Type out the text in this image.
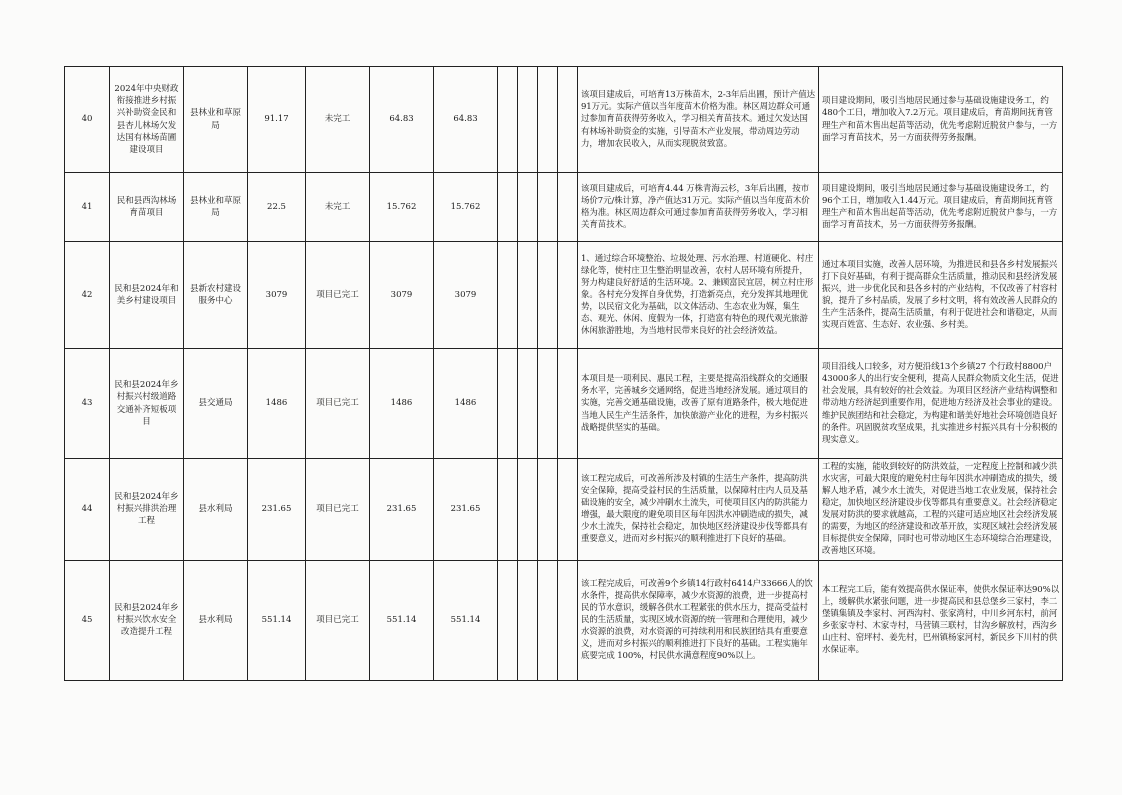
40	2024年中央财政衔接推进乡村振兴补助资金民和县杏儿林场欠发达国有林场苗圃建设项目	县林业和草原局	91.17	未完工	64.83	64.83					该项目建成后，可培育13万株苗木，2-3年后出圃，预计产值达91万元。实际产值以当年度苗木价格为准。林区周边群众可通过参加育苗获得劳务收入，学习相关育苗技术。通过欠发达国有林场补助资金的实施，引导苗木产业发展，带动周边劳动力，增加农民收入，从而实现脱贫致富。	项目建设期间，吸引当地居民通过参与基础设施建设务工，约480个工日，增加收入7.2万元。项目建成后，育苗期间抚育管理生产和苗木售出起苗等活动，优先考虑附近脱贫户参与，一方面学习育苗技术，另一方面获得劳务报酬。
41	民和县西沟林场育苗项目	县林业和草原局	22.5	未完工	15.762	15.762					该项目建成后，可培育4.44 万株青海云杉，3年后出圃，按市场价7元/株计算，净产值达31万元。实际产值以当年度苗木价格为准。林区周边群众可通过参加育苗获得劳务收入，学习相关育苗技术。	项目建设期间，吸引当地居民通过参与基础设施建设务工，约96个工日，增加收入1.44万元。项目建成后，育苗期间抚育管理生产和苗木售出起苗等活动，优先考虑附近脱贫户参与，一方面学习育苗技术，另一方面获得劳务报酬。
42	民和县2024年和美乡村建设项目	县新农村建设服务中心	3079	项目已完工	3079	3079					1、通过综合环境整治、垃圾处理、污水治理、村道硬化、村庄绿化等，使村庄卫生整治明显改善，农村人居环境有所提升，努力构建良好舒适的生活环境。2、兼顾富民宜居，树立村庄形象。各村充分发挥自身优势，打造新亮点，充分发挥其地理优势，以民宿文化为基础，以文体活动、生态农业为媒，集生态、观光、休闲、度假为一体，打造富有特色的现代观光旅游休闲旅游胜地，为当地村民带来良好的社会经济效益。	通过本项目实施，改善人居环境，为推进民和县各乡村发展振兴打下良好基础，有利于提高群众生活质量，推动民和县经济发展振兴，进一步优化民和县各乡村的产业结构，不仅改善了村容村貌，提升了乡村品质，发展了乡村文明，将有效改善人民群众的生产生活条件，提高生活质量，有利于促进社会和谐稳定，从而实现百姓富、生态好、农业强、乡村美。
43	民和县2024年乡村振兴村级道路交通补齐短板项目	县交通局	1486	项目已完工	1486	1486					本项目是一项利民、惠民工程，主要是提高沿线群众的交通服务水平，完善城乡交通网络，促进当地经济发展。通过项目的实施，完善交通基础设施，改善了原有道路条件，极大地促进当地人民生产生活条件，加快旅游产业化的进程，为乡村振兴战略提供坚实的基础。	项目沿线人口较多，对方便沿线13个乡镇27 个行政村8800户43000多人的出行安全便利，提高人民群众物质文化生活，促进社会发展，具有较好的社会效益。为项目区经济产业结构调整和带动地方经济起到重要作用，促进地方经济及社会事业的建设。维护民族团结和社会稳定，为构建和谐美好地社会环境创造良好的条件。巩固脱贫攻坚成果，扎实推进乡村振兴具有十分积极的现实意义。
44	民和县2024年乡村振兴排洪治理工程	县水利局	231.65	项目已完工	231.65	231.65					该工程完成后，可改善所涉及村镇的生活生产条件，提高防洪安全保障，提高受益村民的生活质量，以保障村庄内人员及基础设施的安全，减少冲刷水土流失，可使项目区内的防洪能力增强，最大限度的避免项目区每年因洪水冲刷造成的损失，减少水土流失，保持社会稳定，加快地区经济建设步伐等都具有重要意义，进而对乡村振兴的顺利推进打下良好的基础。	工程的实施，能收到较好的防洪效益，一定程度上控制和减少洪水灾害，可最大限度的避免村庄每年因洪水冲刷造成的损失，缓解人地矛盾，减少水土流失，对促进当地工农业发展，保持社会稳定，加快地区经济建设步伐等都具有重要意义。社会经济稳定发展对防洪的要求就越高，工程的兴建可适应地区社会经济发展的需要，为地区的经济建设和改革开放，实现区域社会经济发展目标提供安全保障，同时也可带动地区生态环境综合治理建设，改善地区环境。
45	民和县2024年乡村振兴饮水安全改造提升工程	县水利局	551.14	项目已完工	551.14	551.14					该工程完成后，可改善9个乡镇14行政村6414户33666人的饮水条件，提高供水保障率，减少水资源的浪费，进一步提高村民的节水意识，缓解各供水工程紧张的供水压力，提高受益村民的生活质量，实现区域水资源的统一管理和合理使用，减少水资源的浪费，对水资源的可持续利用和民族团结具有重要意义，进而对乡村振兴的顺利推进打下良好的基础。工程实施年底要完成 100%，村民供水满意程度90%以上。	本工程完工后，能有效提高供水保证率，使供水保证率达90%以上，缓解供水紧张问题，进一步提高民和县总堡乡三家村，李二堡镇集镇及李家村、河西沟村、张家湾村，中川乡河东村，前河乡张家寺村、木家寺村，马营镇三联村，甘沟乡解放村，西沟乡山庄村、窑坪村、姜先村，巴州镇杨家河村，新民乡下川村的供水保证率。
